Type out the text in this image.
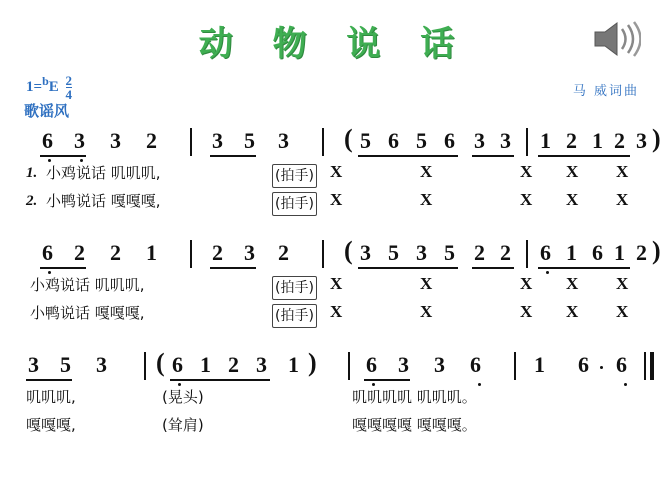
动 物 说 话
$1=^bE \frac{2}{4}$
歌谣风
马 威词曲
6 3 3 2	3 5 3 ( 5 6 5 6 3 3 1 2 1 2 3 )
1. 小鸡说话 叽叽叽,	(拍手) X	X	X X X
2. 小鸭说话 嘎嘎嘎,	(拍手) X	X	X X X
6 2 2 1	2 3 2 ( 3 5 3 5 2 2 6 1 6 1 2 )
小鸡说话 叽叽叽,	(拍手) X	X	X X X
小鸭说话 嘎嘎嘎,	(拍手) X	X	X X X
3 5 3 ( 6 1 2 3 1 ) 6 3 3 6 1 6 6
叽叽叽,	(晃头)	叽叽叽叽 叽叽叽。
嘎嘎嘎,	(耸肩)	嘎嘎嘎嘎 嘎嘎嘎。
